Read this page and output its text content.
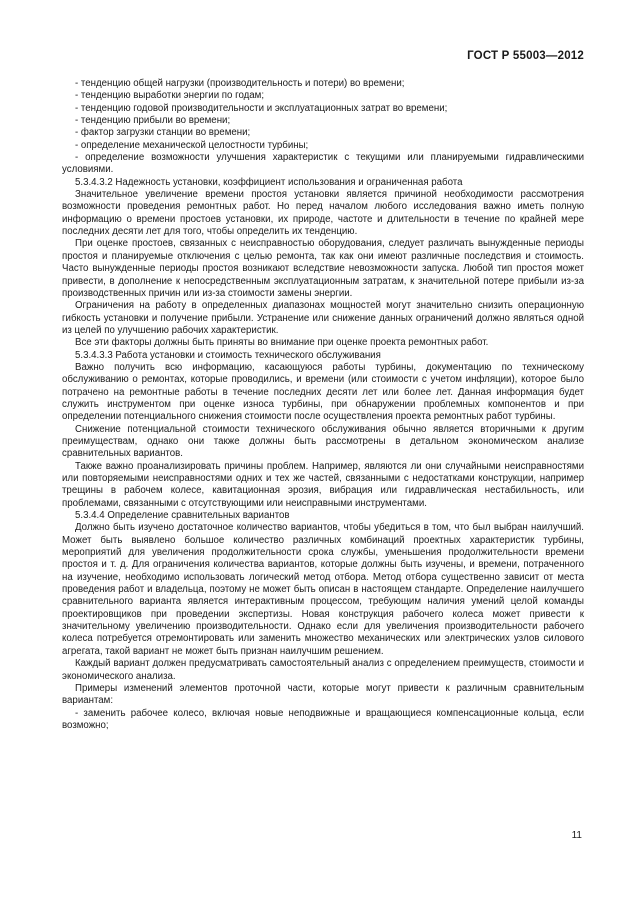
ГОСТ Р 55003—2012

- тенденцию общей нагрузки (производительность и потери) во времени;

- тенденцию выработки энергии по годам;

- тенденцию годовой производительности и эксплуатационных затрат во времени;

- тенденцию прибыли во времени;

- фактор загрузки станции во времени;

- определение механической целостности турбины;

- определение возможности улучшения характеристик с текущими или планируемыми гидравлическими условиями.

5.3.4.3.2 Надежность установки, коэффициент использования и ограниченная работа

Значительное увеличение времени простоя установки является причиной необходимости рассмотрения возможности проведения ремонтных работ. Но перед началом любого исследования важно иметь полную информацию о времени простоев установки, их природе, частоте и длительности в течение по крайней мере последних десяти лет для того, чтобы определить их тенденцию.

При оценке простоев, связанных с неисправностью оборудования, следует различать вынужденные периоды простоя и планируемые отключения с целью ремонта, так как они имеют различные последствия и стоимость. Часто вынужденные периоды простоя возникают вследствие невозможности запуска. Любой тип простоя может привести, в дополнение к непосредственным эксплуатационным затратам, к значительной потере прибыли из-за производственных причин или из-за стоимости замены энергии.

Ограничения на работу в определенных диапазонах мощностей могут значительно снизить операционную гибкость установки и получение прибыли. Устранение или снижение данных ограничений должно являться одной из целей по улучшению рабочих характеристик.

Все эти факторы должны быть приняты во внимание при оценке проекта ремонтных работ.

5.3.4.3.3 Работа установки и стоимость технического обслуживания

Важно получить всю информацию, касающуюся работы турбины, документацию по техническому обслуживанию о ремонтах, которые проводились, и времени (или стоимости с учетом инфляции), которое было потрачено на ремонтные работы в течение последних десяти лет или более лет. Данная информация будет служить инструментом при оценке износа турбины, при обнаружении проблемных компонентов и при определении потенциального снижения стоимости после осуществления проекта ремонтных работ турбины.

Снижение потенциальной стоимости технического обслуживания обычно является вторичными к другим преимуществам, однако они также должны быть рассмотрены в детальном экономическом анализе сравнительных вариантов.

Также важно проанализировать причины проблем. Например, являются ли они случайными неисправностями или повторяемыми неисправностями одних и тех же частей, связанными с недостатками конструкции, например трещины в рабочем колесе, кавитационная эрозия, вибрация или гидравлическая нестабильность, или проблемами, связанными с отсутствующими или неисправными инструментами.

5.3.4.4 Определение сравнительных вариантов

Должно быть изучено достаточное количество вариантов, чтобы убедиться в том, что был выбран наилучший. Может быть выявлено большое количество различных комбинаций проектных характеристик турбины, мероприятий для увеличения продолжительности срока службы, уменьшения продолжительности времени простоя и т. д. Для ограничения количества вариантов, которые должны быть изучены, и времени, потраченного на изучение, необходимо использовать логический метод отбора. Метод отбора существенно зависит от места проведения работ и владельца, поэтому не может быть описан в настоящем стандарте. Определение наилучшего сравнительного варианта является интерактивным процессом, требующим наличия умений целой команды проектировщиков при проведении экспертизы. Новая конструкция рабочего колеса может привести к значительному увеличению производительности. Однако если для увеличения производительности рабочего колеса потребуется отремонтировать или заменить множество механических или электрических узлов силового агрегата, такой вариант не может быть признан наилучшим решением.

Каждый вариант должен предусматривать самостоятельный анализ с определением преимуществ, стоимости и экономического анализа.

Примеры изменений элементов проточной части, которые могут привести к различным сравнительным вариантам:

- заменить рабочее колесо, включая новые неподвижные и вращающиеся компенсационные кольца, если возможно;

11
